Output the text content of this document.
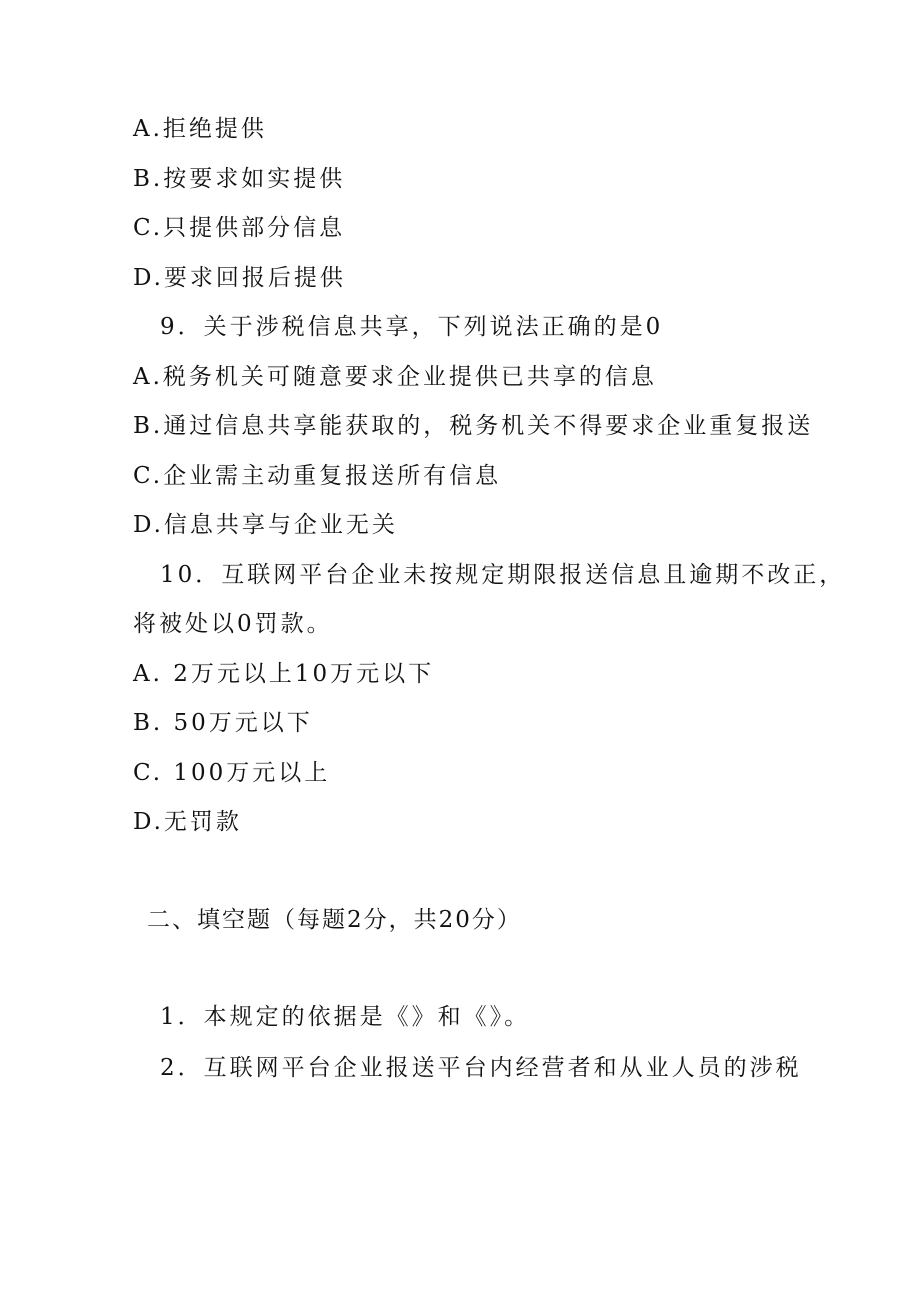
A.拒绝提供
B.按要求如实提供
C.只提供部分信息
D.要求回报后提供
9．关于涉税信息共享，下列说法正确的是0
A.税务机关可随意要求企业提供已共享的信息
B.通过信息共享能获取的，税务机关不得要求企业重复报送
C.企业需主动重复报送所有信息
D.信息共享与企业无关
10．互联网平台企业未按规定期限报送信息且逾期不改正，
将被处以0罚款。
A. 2万元以上10万元以下
B. 50万元以下
C. 100万元以上
D.无罚款
二、填空题（每题2分，共20分）
1．本规定的依据是《》和《》。
2．互联网平台企业报送平台内经营者和从业人员的涉税
